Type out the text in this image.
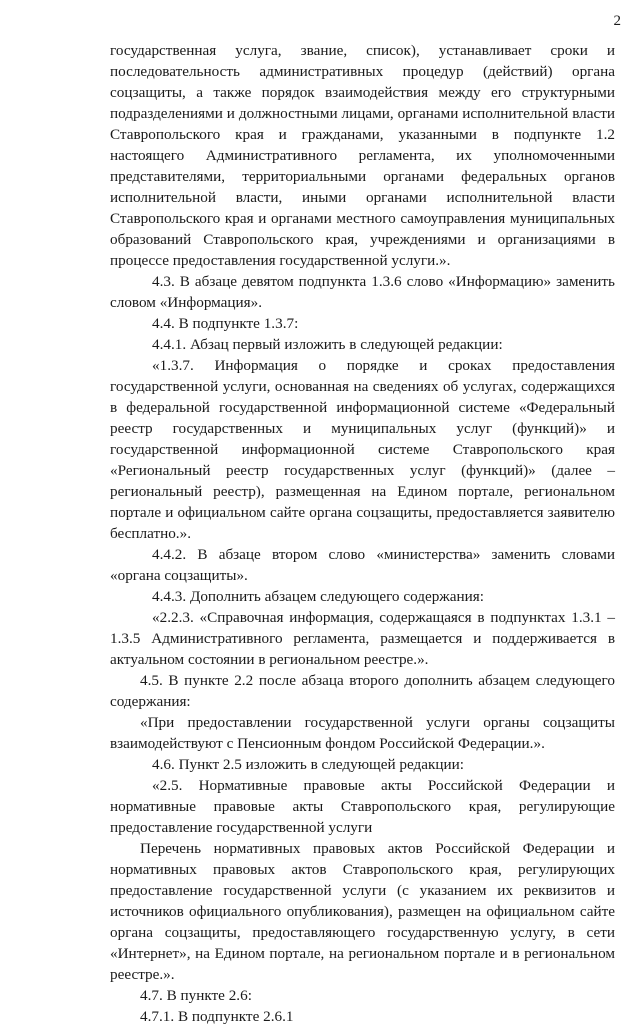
2

государственная услуга, звание, список), устанавливает сроки и последовательность административных процедур (действий) органа соцзащиты, а также порядок взаимодействия между его структурными подразделениями и должностными лицами, органами исполнительной власти Ставропольского края и гражданами, указанными в подпункте 1.2 настоящего Административного регламента, их уполномоченными представителями, территориальными органами федеральных органов исполнительной власти, иными органами исполнительной власти Ставропольского края и органами местного самоуправления муниципальных образований Ставропольского края, учреждениями и организациями в процессе предоставления государственной услуги.».

4.3. В абзаце девятом подпункта 1.3.6 слово «Информацию» заменить словом «Информация».

4.4. В подпункте 1.3.7:

4.4.1. Абзац первый изложить в следующей редакции:

«1.3.7. Информация о порядке и сроках предоставления государственной услуги, основанная на сведениях об услугах, содержащихся в федеральной государственной информационной системе «Федеральный реестр государственных и муниципальных услуг (функций)» и государственной информационной системе Ставропольского края «Региональный реестр государственных услуг (функций)» (далее – региональный реестр), размещенная на Едином портале, региональном портале и официальном сайте органа соцзащиты, предоставляется заявителю бесплатно.».

4.4.2. В абзаце втором слово «министерства» заменить словами «органа соцзащиты».

4.4.3. Дополнить абзацем следующего содержания:

«2.2.3. «Справочная информация, содержащаяся в подпунктах 1.3.1 – 1.3.5 Административного регламента, размещается и поддерживается в актуальном состоянии в региональном реестре.».

4.5. В пункте 2.2 после абзаца второго дополнить абзацем следующего содержания:

«При предоставлении государственной услуги органы соцзащиты взаимодействуют с Пенсионным фондом Российской Федерации.».

4.6. Пункт 2.5 изложить в следующей редакции:

«2.5. Нормативные правовые акты Российской Федерации и нормативные правовые акты Ставропольского края, регулирующие предоставление государственной услуги

Перечень нормативных правовых актов Российской Федерации и нормативных правовых актов Ставропольского края, регулирующих предоставление государственной услуги (с указанием их реквизитов и источников официального опубликования), размещен на официальном сайте органа соцзащиты, предоставляющего государственную услугу, в сети «Интернет», на Едином портале, на региональном портале и в региональном реестре.».

4.7. В пункте 2.6:

4.7.1. В подпункте 2.6.1
